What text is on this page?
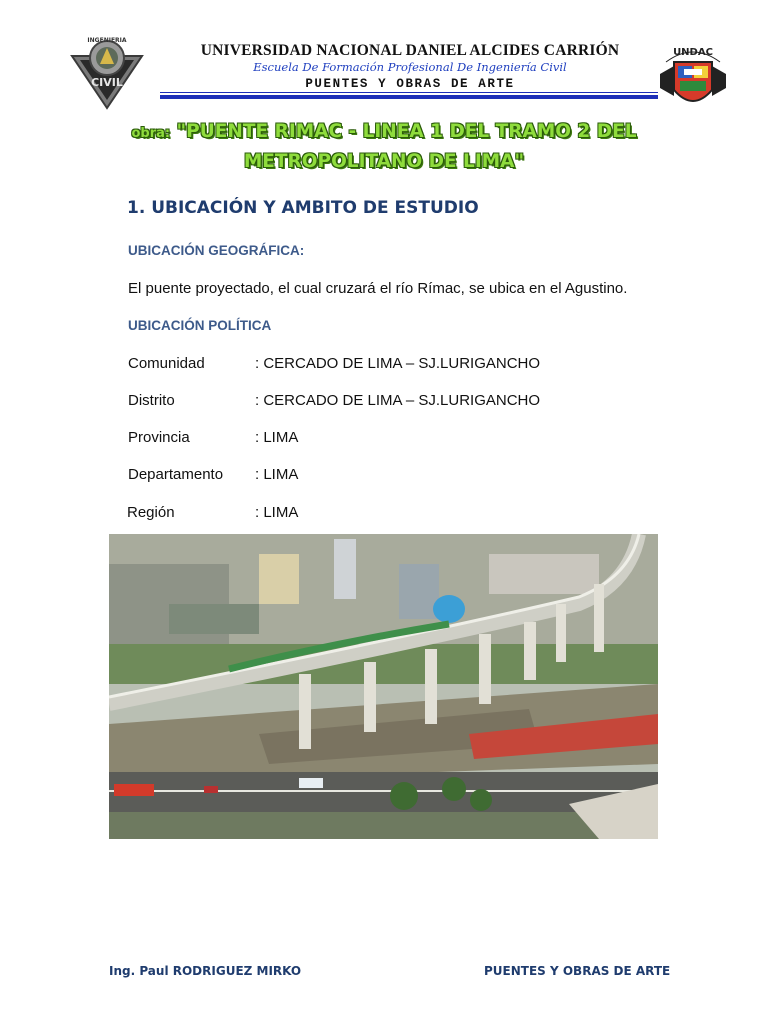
INGENIERIA
CIVIL
UNDAC
UNIVERSIDAD NACIONAL DANIEL ALCIDES CARRIÓN
Escuela De Formación Profesional De Ingeniería Civil
PUENTES Y OBRAS DE ARTE
obra: "PUENTE RIMAC - LINEA 1 DEL TRAMO 2 DEL
METROPOLITANO DE LIMA"
1. UBICACIÓN Y AMBITO DE ESTUDIO
UBICACIÓN GEOGRÁFICA:
El puente proyectado, el cual cruzará el río Rímac, se ubica en el Agustino.
UBICACIÓN POLÍTICA
Comunidad	: CERCADO DE LIMA – SJ.LURIGANCHO
Distrito	: CERCADO DE LIMA – SJ.LURIGANCHO
Provincia	: LIMA
Departamento : LIMA
Región	: LIMA
Ing. Paul RODRIGUEZ MIRKO	PUENTES Y OBRAS DE ARTE
